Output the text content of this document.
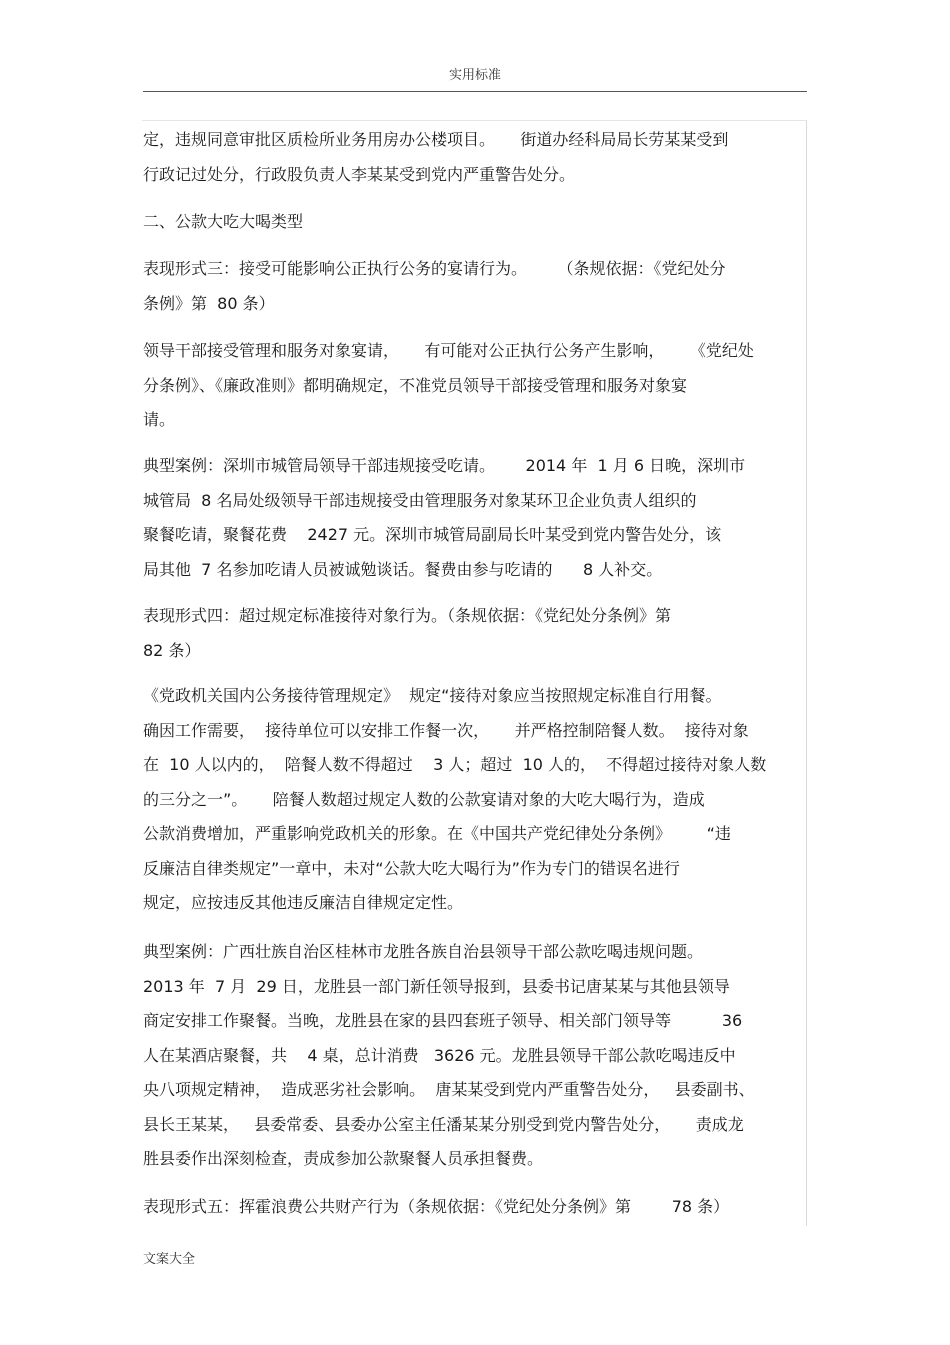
实用标准
定，违规同意审批区质检所业务用房办公楼项目。     街道办经科局局长劳某某受到
行政记过处分，行政股负责人李某某受到党内严重警告处分。
二、公款大吃大喝类型
表现形式三：接受可能影响公正执行公务的宴请行为。      （条规依据：《党纪处分
条例》第  80 条）
领导干部接受管理和服务对象宴请，     有可能对公正执行公务产生影响，     《党纪处
分条例》、《廉政准则》都明确规定，不准党员领导干部接受管理和服务对象宴
请。
典型案例：深圳市城管局领导干部违规接受吃请。      2014 年  1 月 6 日晚，深圳市
城管局  8 名局处级领导干部违规接受由管理服务对象某环卫企业负责人组织的
聚餐吃请，聚餐花费    2427 元。深圳市城管局副局长叶某受到党内警告处分，该
局其他  7 名参加吃请人员被诚勉谈话。餐费由参与吃请的      8 人补交。
表现形式四：超过规定标准接待对象行为。（条规依据：《党纪处分条例》第
82 条）
《党政机关国内公务接待管理规定》  规定“接待对象应当按照规定标准自行用餐。
确因工作需要，  接待单位可以安排工作餐一次，     并严格控制陪餐人数。  接待对象
在  10 人以内的，  陪餐人数不得超过    3 人；超过  10 人的，  不得超过接待对象人数
的三分之一”。     陪餐人数超过规定人数的公款宴请对象的大吃大喝行为，造成
公款消费增加，严重影响党政机关的形象。在《中国共产党纪律处分条例》       “违
反廉洁自律类规定”一章中，未对“公款大吃大喝行为”作为专门的错误名进行
规定，应按违反其他违反廉洁自律规定定性。
典型案例：广西壮族自治区桂林市龙胜各族自治县领导干部公款吃喝违规问题。
2013 年  7 月  29 日，龙胜县一部门新任领导报到，县委书记唐某某与其他县领导
商定安排工作聚餐。当晚，龙胜县在家的县四套班子领导、相关部门领导等          36
人在某酒店聚餐，共    4 桌，总计消费   3626 元。龙胜县领导干部公款吃喝违反中
央八项规定精神，  造成恶劣社会影响。  唐某某受到党内严重警告处分，   县委副书、
县长王某某，   县委常委、县委办公室主任潘某某分别受到党内警告处分，     责成龙
胜县委作出深刻检查，责成参加公款聚餐人员承担餐费。
表现形式五：挥霍浪费公共财产行为（条规依据：《党纪处分条例》第        78 条）
文案大全
